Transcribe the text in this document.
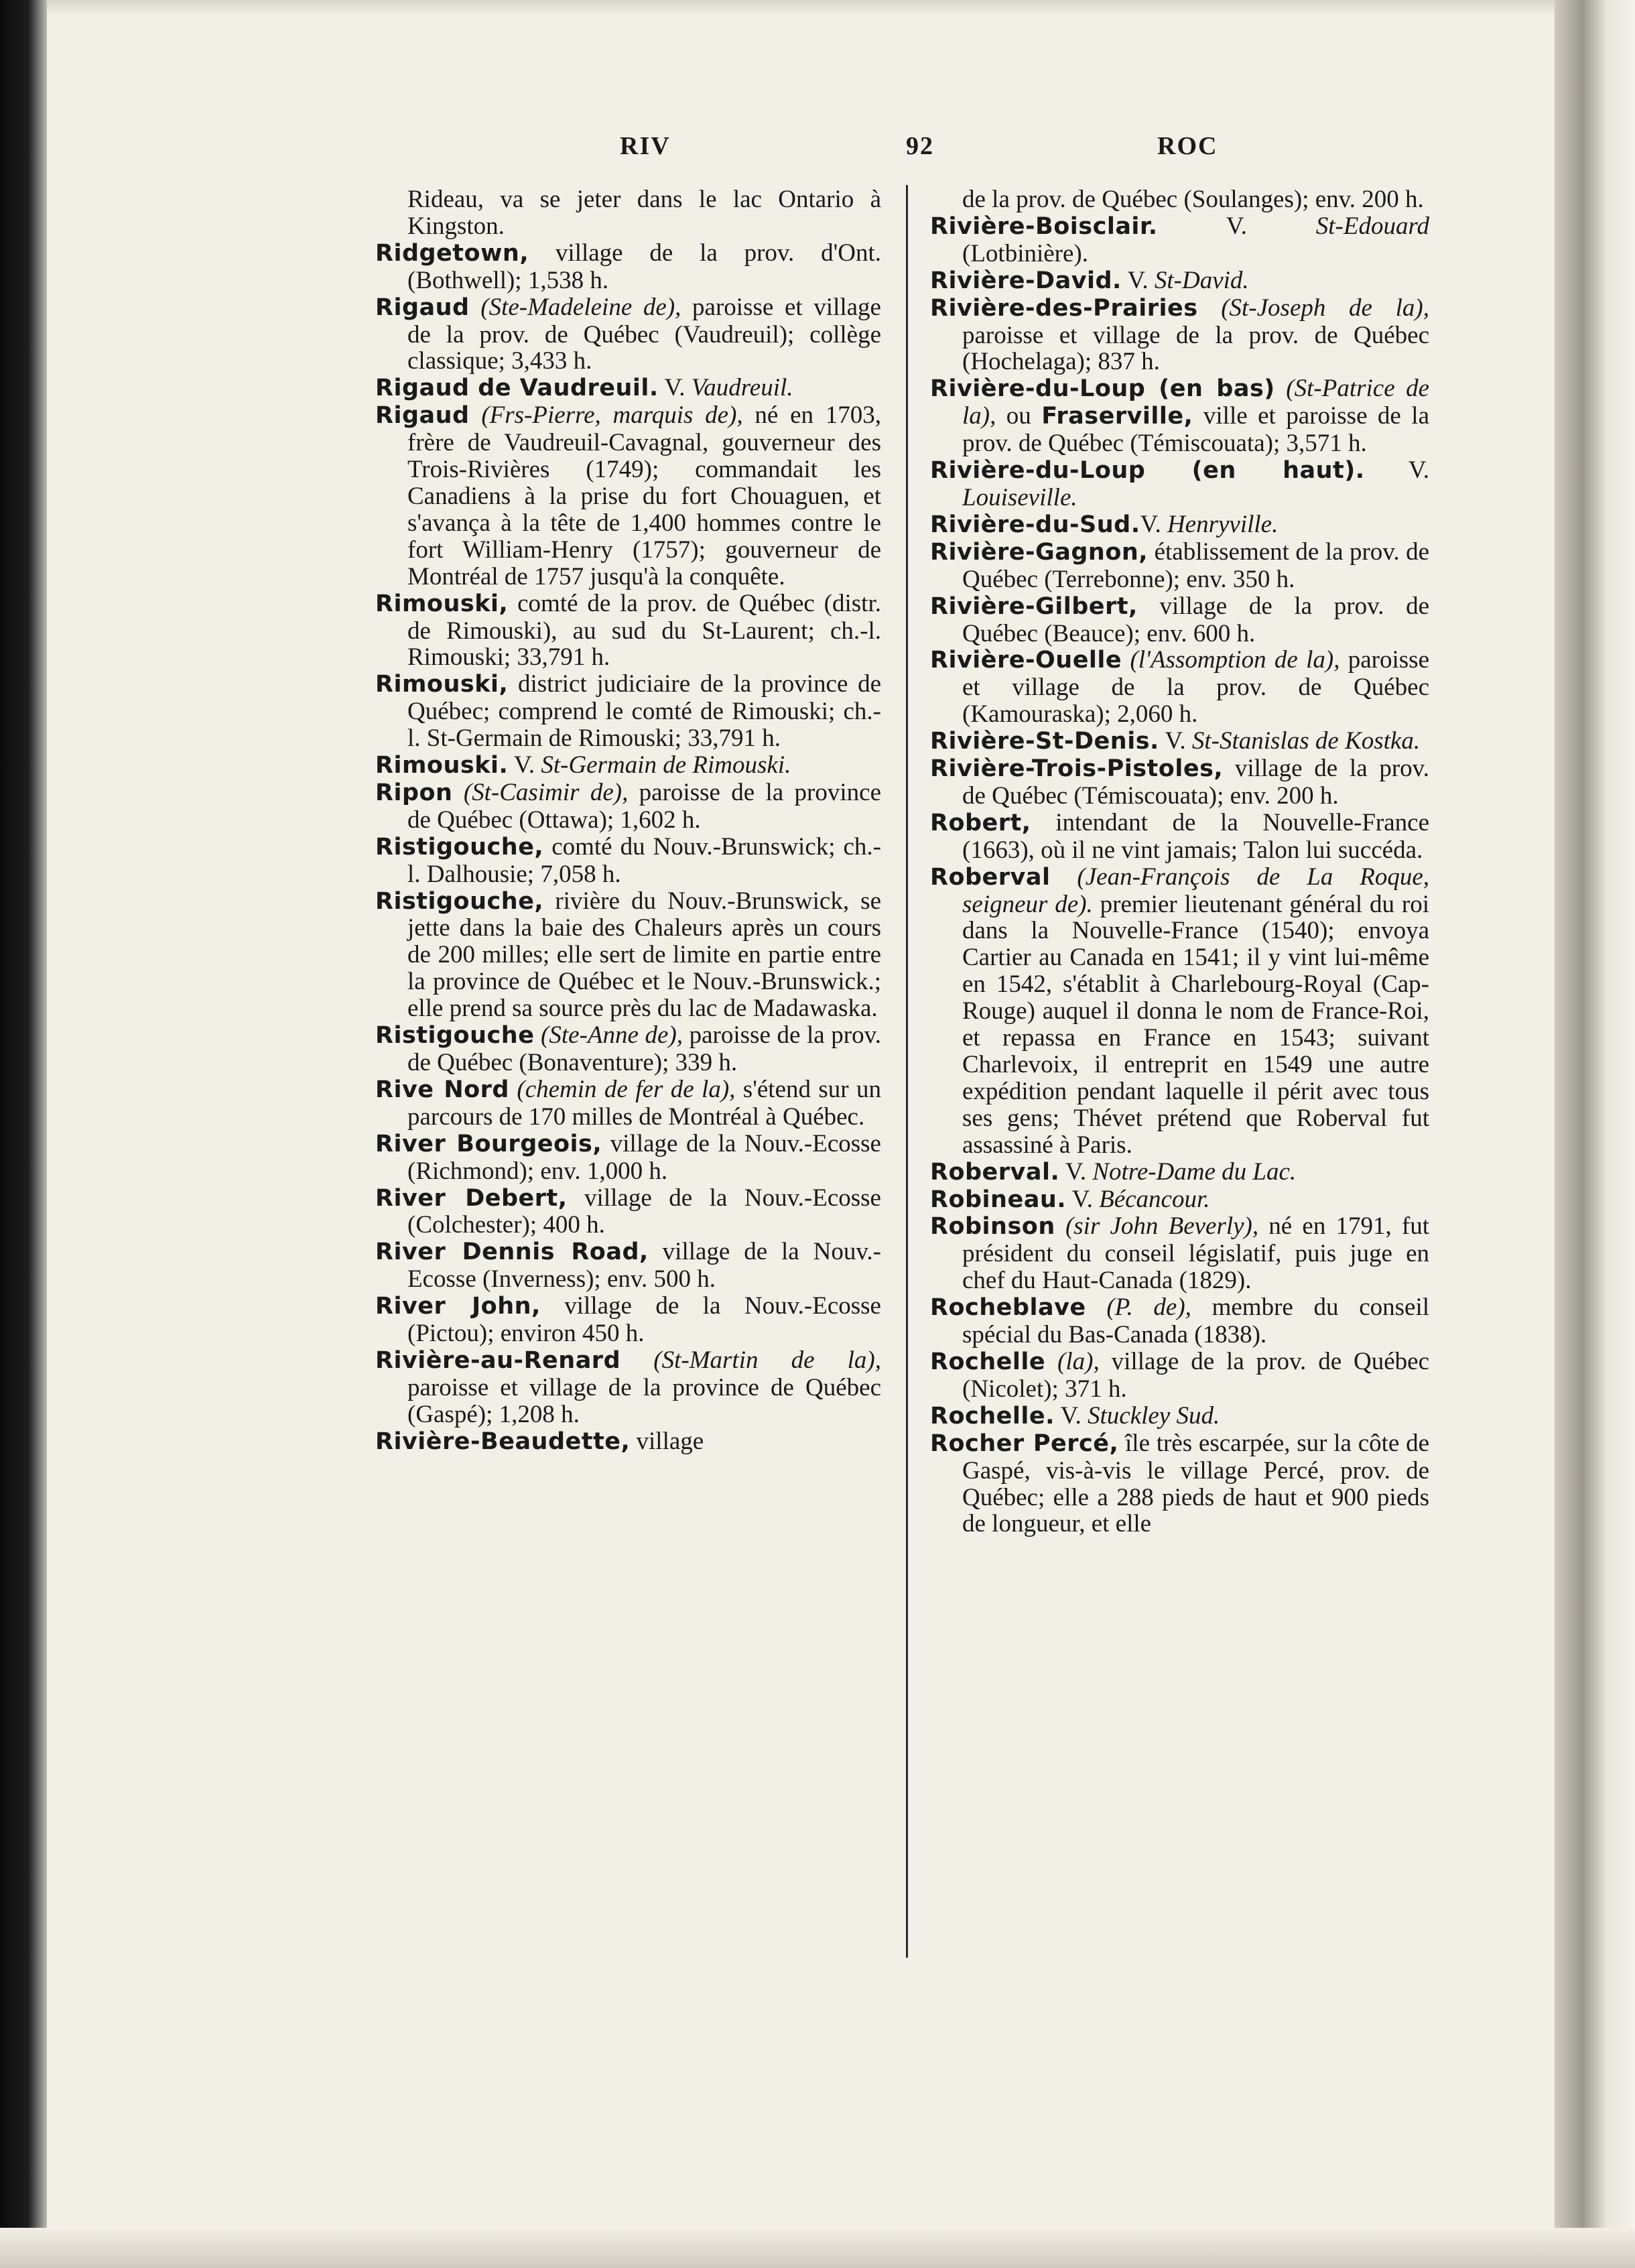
RIV	92	ROC

Rideau, va se jeter dans le lac Ontario à Kingston.

Ridgetown, village de la prov. d'Ont. (Bothwell); 1,538 h.

Rigaud (Ste-Madeleine de), paroisse et village de la prov. de Québec (Vaudreuil); collège classique; 3,433 h.

Rigaud de Vaudreuil. V. Vaudreuil.

Rigaud (Frs-Pierre, marquis de), né en 1703, frère de Vaudreuil-Cavagnal, gouverneur des Trois-Rivières (1749); commandait les Canadiens à la prise du fort Chouaguen, et s'avança à la tête de 1,400 hommes contre le fort William-Henry (1757); gouverneur de Montréal de 1757 jusqu'à la conquête.

Rimouski, comté de la prov. de Québec (distr. de Rimouski), au sud du St-Laurent; ch.-l. Rimouski; 33,791 h.

Rimouski, district judiciaire de la province de Québec; comprend le comté de Rimouski; ch.-l. St-Germain de Rimouski; 33,791 h.

Rimouski. V. St-Germain de Rimouski.

Ripon (St-Casimir de), paroisse de la province de Québec (Ottawa); 1,602 h.

Ristigouche, comté du Nouv.-Brunswick; ch.-l. Dalhousie; 7,058 h.

Ristigouche, rivière du Nouv.-Brunswick, se jette dans la baie des Chaleurs après un cours de 200 milles; elle sert de limite en partie entre la province de Québec et le Nouv.-Brunswick.; elle prend sa source près du lac de Madawaska.

Ristigouche (Ste-Anne de), paroisse de la prov. de Québec (Bonaventure); 339 h.

Rive Nord (chemin de fer de la), s'étend sur un parcours de 170 milles de Montréal à Québec.

River Bourgeois, village de la Nouv.-Ecosse (Richmond); env. 1,000 h.

River Debert, village de la Nouv.-Ecosse (Colchester); 400 h.

River Dennis Road, village de la Nouv.-Ecosse (Inverness); env. 500 h.

River John, village de la Nouv.-Ecosse (Pictou); environ 450 h.

Rivière-au-Renard (St-Martin de la), paroisse et village de la province de Québec (Gaspé); 1,208 h.

Rivière-Beaudette, village

de la prov. de Québec (Soulanges); env. 200 h.

Rivière-Boisclair. V. St-Edouard (Lotbinière).

Rivière-David. V. St-David.

Rivière-des-Prairies (St-Joseph de la), paroisse et village de la prov. de Québec (Hochelaga); 837 h.

Rivière-du-Loup (en bas) (St-Patrice de la), ou Fraserville, ville et paroisse de la prov. de Québec (Témiscouata); 3,571 h.

Rivière-du-Loup (en haut). V. Louiseville.

Rivière-du-Sud.V. Henryville.

Rivière-Gagnon, établissement de la prov. de Québec (Terrebonne); env. 350 h.

Rivière-Gilbert, village de la prov. de Québec (Beauce); env. 600 h.

Rivière-Ouelle (l'Assomption de la), paroisse et village de la prov. de Québec (Kamouraska); 2,060 h.

Rivière-St-Denis. V. St-Stanislas de Kostka.

Rivière-Trois-Pistoles, village de la prov. de Québec (Témiscouata); env. 200 h.

Robert, intendant de la Nouvelle-France (1663), où il ne vint jamais; Talon lui succéda.

Roberval (Jean-François de La Roque, seigneur de). premier lieutenant général du roi dans la Nouvelle-France (1540); envoya Cartier au Canada en 1541; il y vint lui-même en 1542, s'établit à Charlebourg-Royal (Cap-Rouge) auquel il donna le nom de France-Roi, et repassa en France en 1543; suivant Charlevoix, il entreprit en 1549 une autre expédition pendant laquelle il périt avec tous ses gens; Thévet prétend que Roberval fut assassiné à Paris.

Roberval. V. Notre-Dame du Lac.

Robineau. V. Bécancour.

Robinson (sir John Beverly), né en 1791, fut président du conseil législatif, puis juge en chef du Haut-Canada (1829).

Rocheblave (P. de), membre du conseil spécial du Bas-Canada (1838).

Rochelle (la), village de la prov. de Québec (Nicolet); 371 h.

Rochelle. V. Stuckley Sud.

Rocher Percé, île très escarpée, sur la côte de Gaspé, vis-à-vis le village Percé, prov. de Québec; elle a 288 pieds de haut et 900 pieds de longueur, et elle
